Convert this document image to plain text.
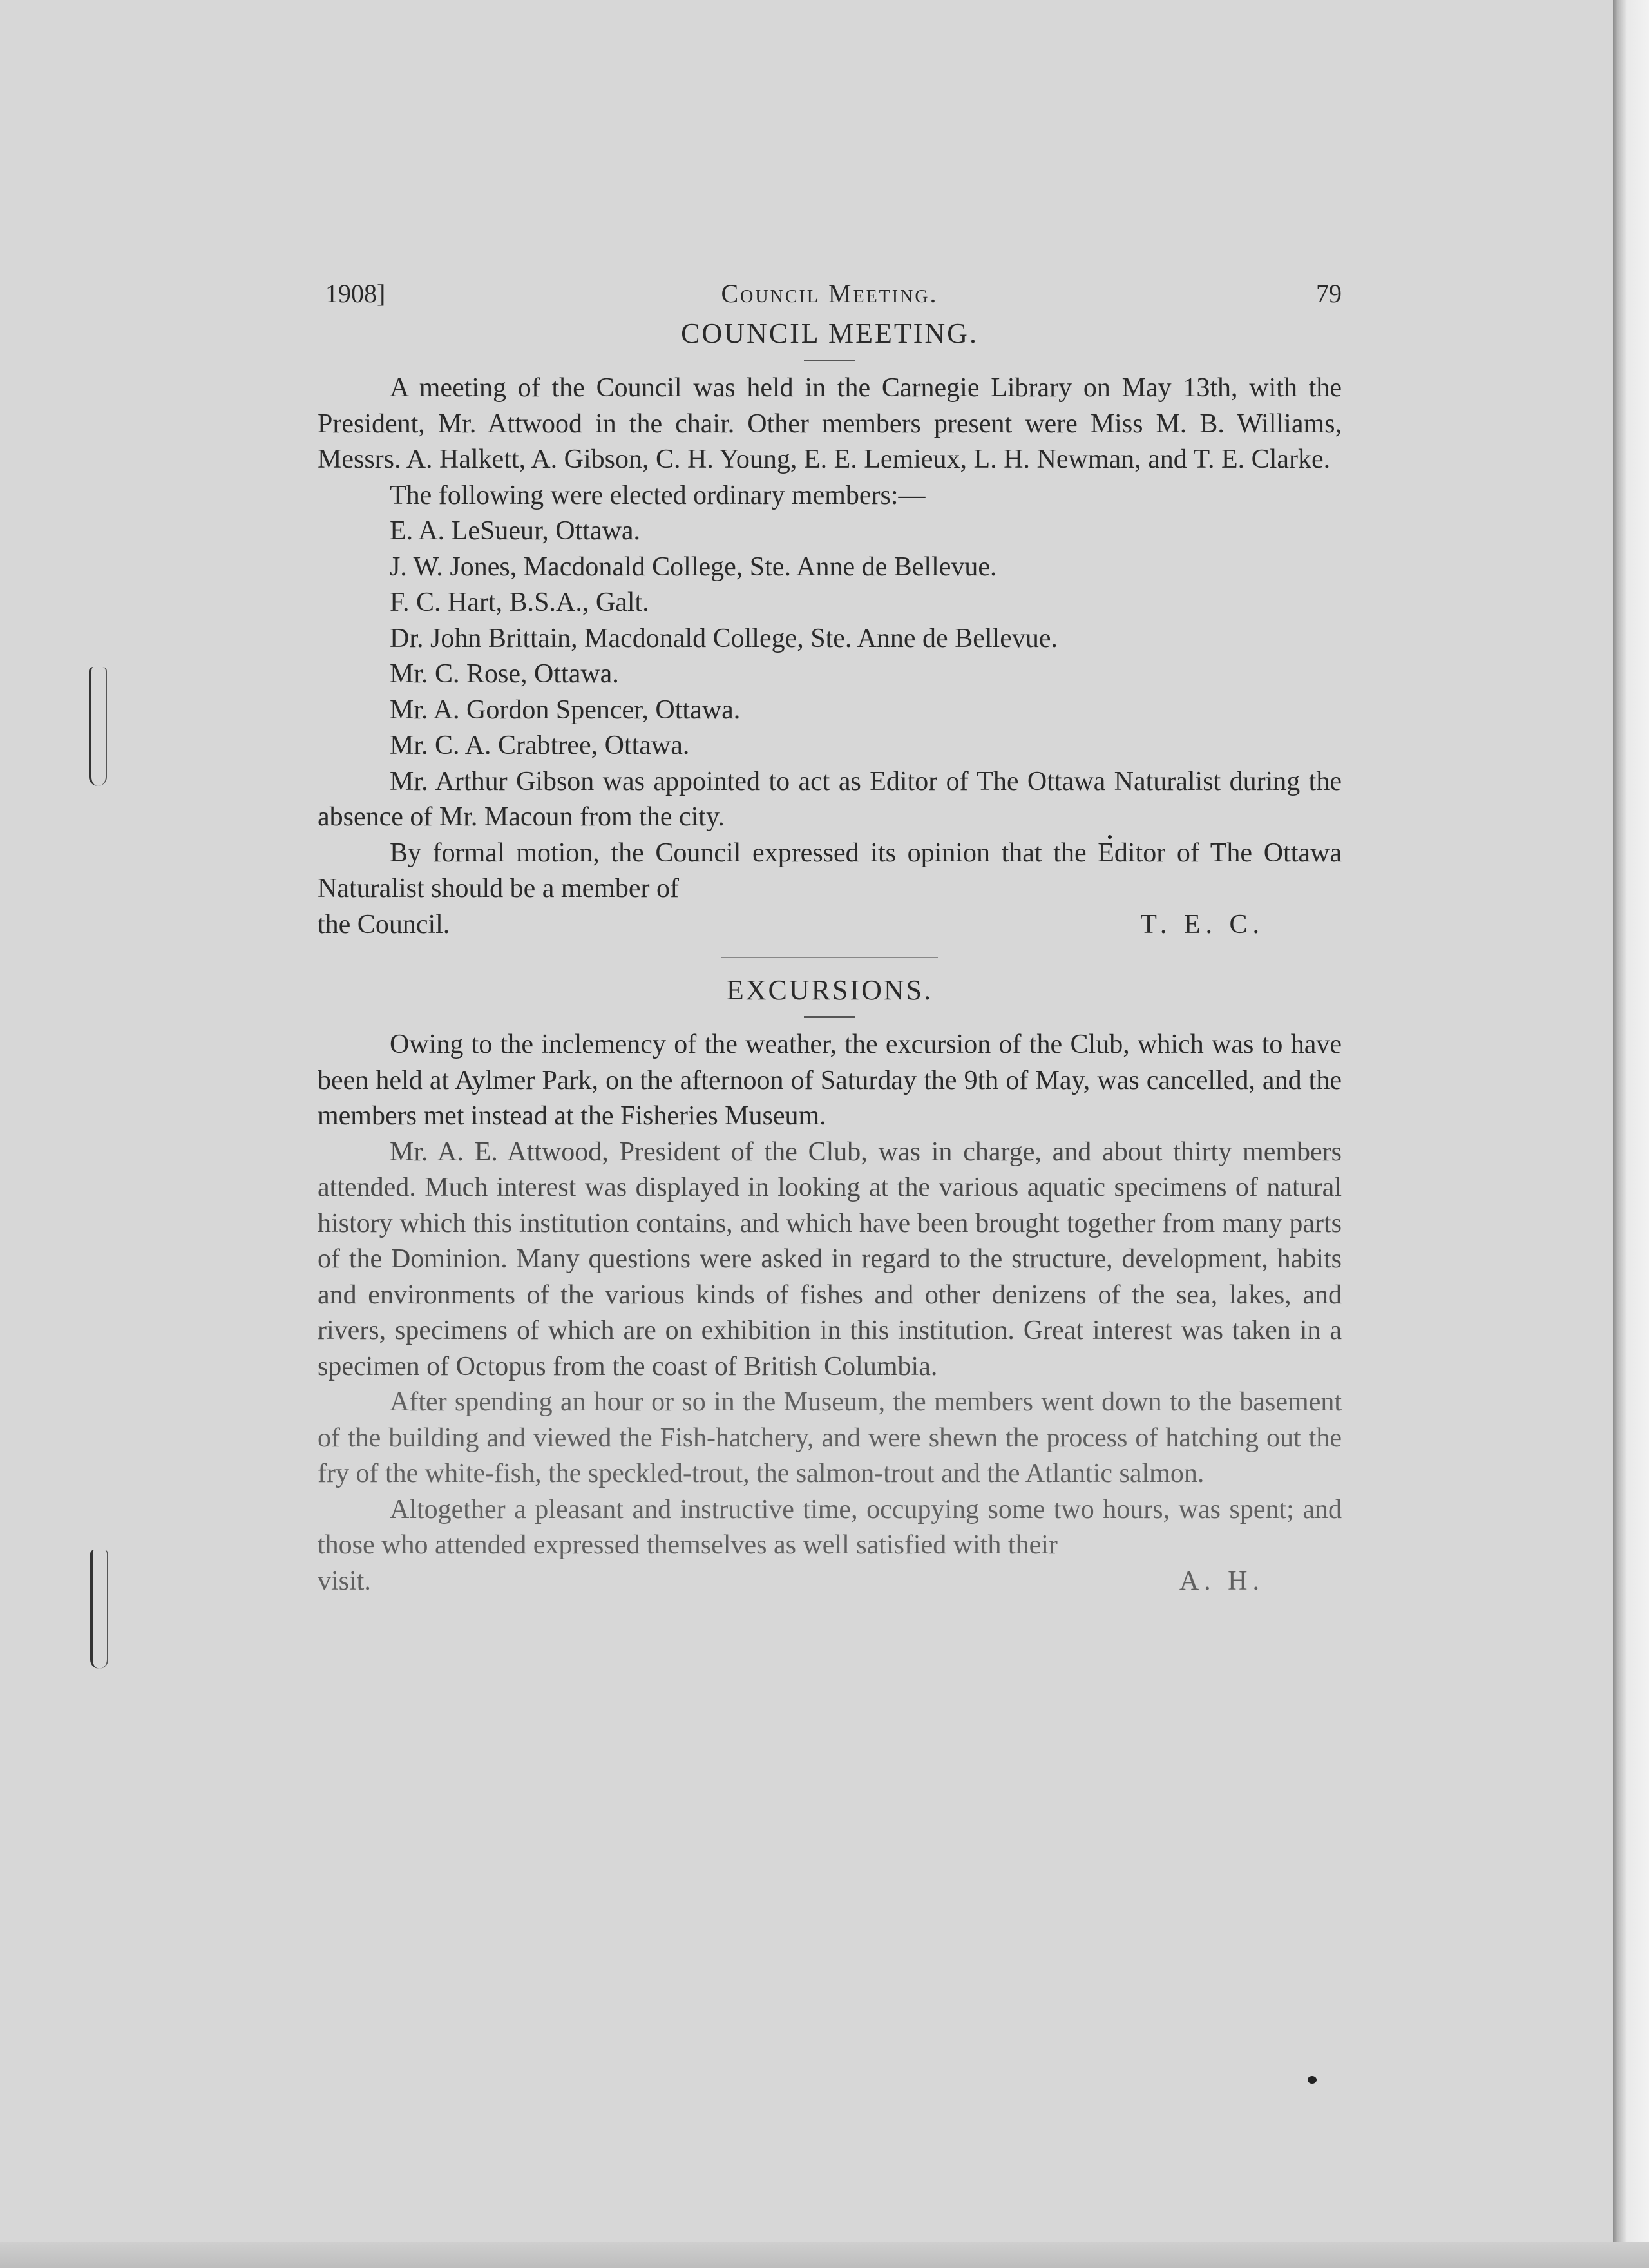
1908]	Council Meeting.	79
COUNCIL MEETING.

A meeting of the Council was held in the Carnegie Library on May 13th, with the President, Mr. Attwood in the chair. Other members present were Miss M. B. Williams, Messrs. A. Halkett, A. Gibson, C. H. Young, E. E. Lemieux, L. H. Newman, and T. E. Clarke.

The following were elected ordinary members:—

E. A. LeSueur, Ottawa.

J. W. Jones, Macdonald College, Ste. Anne de Bellevue.

F. C. Hart, B.S.A., Galt.

Dr. John Brittain, Macdonald College, Ste. Anne de Bellevue.

Mr. C. Rose, Ottawa.

Mr. A. Gordon Spencer, Ottawa.

Mr. C. A. Crabtree, Ottawa.

Mr. Arthur Gibson was appointed to act as Editor of The Ottawa Naturalist during the absence of Mr. Macoun from the city.

By formal motion, the Council expressed its opinion that the Editor of The Ottawa Naturalist should be a member of

the Council.	T. E. C.
EXCURSIONS.

Owing to the inclemency of the weather, the excursion of the Club, which was to have been held at Aylmer Park, on the afternoon of Saturday the 9th of May, was cancelled, and the members met instead at the Fisheries Museum.

Mr. A. E. Attwood, President of the Club, was in charge, and about thirty members attended. Much interest was displayed in looking at the various aquatic specimens of natural history which this institution contains, and which have been brought together from many parts of the Dominion. Many questions were asked in regard to the structure, development, habits and environments of the various kinds of fishes and other denizens of the sea, lakes, and rivers, specimens of which are on exhibition in this institution. Great interest was taken in a specimen of Octopus from the coast of British Columbia.

After spending an hour or so in the Museum, the members went down to the basement of the building and viewed the Fish-hatchery, and were shewn the process of hatching out the fry of the white-fish, the speckled-trout, the salmon-trout and the Atlantic salmon.

Altogether a pleasant and instructive time, occupying some two hours, was spent; and those who attended expressed themselves as well satisfied with their

visit.	A. H.
